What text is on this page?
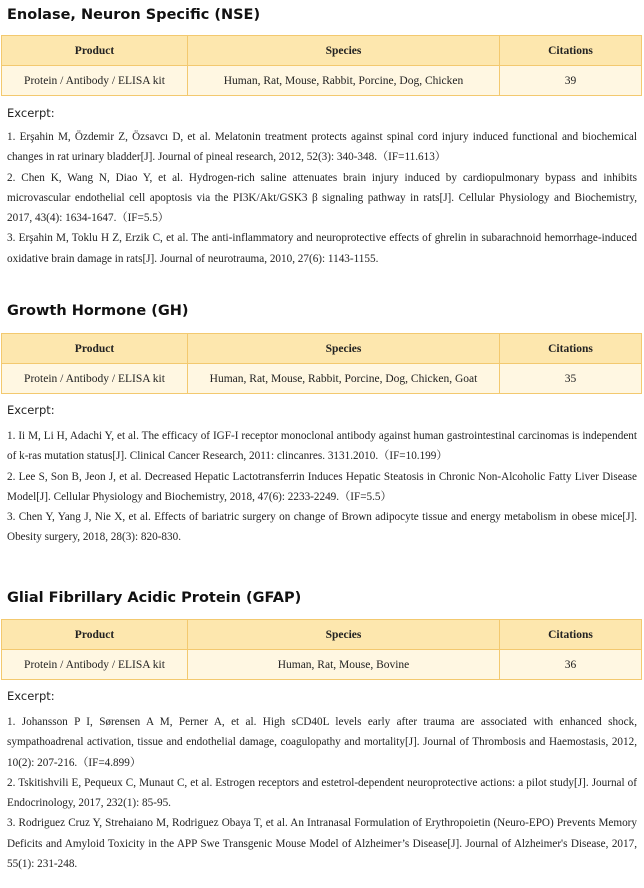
Enolase, Neuron Specific (NSE)
Product	Species	Citations
Protein / Antibody / ELISA kit	Human, Rat, Mouse, Rabbit, Porcine, Dog, Chicken	39
Excerpt:
1. Erşahin M, Özdemir Z, Özsavcı D, et al. Melatonin treatment protects against spinal cord injury induced functional and biochemical changes in rat urinary bladder[J]. Journal of pineal research, 2012, 52(3): 340-348.（IF=11.613）
2. Chen K, Wang N, Diao Y, et al. Hydrogen-rich saline attenuates brain injury induced by cardiopulmonary bypass and inhibits microvascular endothelial cell apoptosis via the PI3K/Akt/GSK3 β signaling pathway in rats[J]. Cellular Physiology and Biochemistry, 2017, 43(4): 1634-1647.（IF=5.5）
3. Erşahin M, Toklu H Z, Erzik C, et al. The anti-inflammatory and neuroprotective effects of ghrelin in subarachnoid hemorrhage-induced oxidative brain damage in rats[J]. Journal of neurotrauma, 2010, 27(6): 1143-1155.
Growth Hormone (GH)
Product	Species	Citations
Protein / Antibody / ELISA kit	Human, Rat, Mouse, Rabbit, Porcine, Dog, Chicken, Goat	35
Excerpt:
1. Ii M, Li H, Adachi Y, et al. The efficacy of IGF-I receptor monoclonal antibody against human gastrointestinal carcinomas is independent of k-ras mutation status[J]. Clinical Cancer Research, 2011: clincanres. 3131.2010.（IF=10.199）
2. Lee S, Son B, Jeon J, et al. Decreased Hepatic Lactotransferrin Induces Hepatic Steatosis in Chronic Non-Alcoholic Fatty Liver Disease Model[J]. Cellular Physiology and Biochemistry, 2018, 47(6): 2233-2249.（IF=5.5）
3. Chen Y, Yang J, Nie X, et al. Effects of bariatric surgery on change of Brown adipocyte tissue and energy metabolism in obese mice[J]. Obesity surgery, 2018, 28(3): 820-830.
Glial Fibrillary Acidic Protein (GFAP)
Product	Species	Citations
Protein / Antibody / ELISA kit	Human, Rat, Mouse, Bovine	36
Excerpt:
1. Johansson P I, Sørensen A M, Perner A, et al. High sCD40L levels early after trauma are associated with enhanced shock, sympathoadrenal activation, tissue and endothelial damage, coagulopathy and mortality[J]. Journal of Thrombosis and Haemostasis, 2012, 10(2): 207-216.（IF=4.899）
2. Tskitishvili E, Pequeux C, Munaut C, et al. Estrogen receptors and estetrol-dependent neuroprotective actions: a pilot study[J]. Journal of Endocrinology, 2017, 232(1): 85-95.
3. Rodriguez Cruz Y, Strehaiano M, Rodriguez Obaya T, et al. An Intranasal Formulation of Erythropoietin (Neuro-EPO) Prevents Memory Deficits and Amyloid Toxicity in the APP Swe Transgenic Mouse Model of Alzheimer’s Disease[J]. Journal of Alzheimer's Disease, 2017, 55(1): 231-248.
